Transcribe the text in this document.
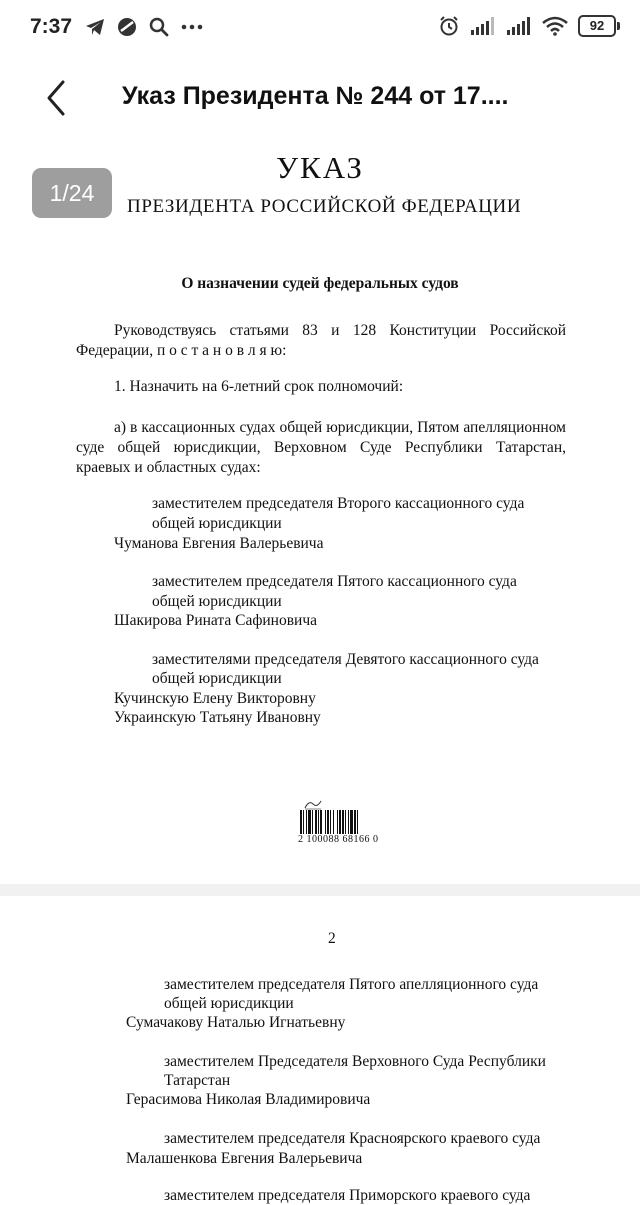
7:37	92
Указ Президента № 244 от 17....
1/24
УКАЗ
ПРЕЗИДЕНТА РОССИЙСКОЙ ФЕДЕРАЦИИ
О назначении судей федеральных судов
Руководствуясь статьями 83 и 128 Конституции Российской Федерации, п о с т а н о в л я ю:
1. Назначить на 6-летний срок полномочий:
а) в кассационных судах общей юрисдикции, Пятом апелляционном суде общей юрисдикции, Верховном Суде Республики Татарстан, краевых и областных судах:
заместителем председателя Второго кассационного суда
общей юрисдикции
Чуманова Евгения Валерьевича
заместителем председателя Пятого кассационного суда
общей юрисдикции
Шакирова Рината Сафиновича
заместителями председателя Девятого кассационного суда
общей юрисдикции
Кучинскую Елену Викторовну
Украинскую Татьяну Ивановну
2 100088 68166 0
2
заместителем председателя Пятого апелляционного суда
общей юрисдикции
Сумачакову Наталью Игнатьевну
заместителем Председателя Верховного Суда Республики
Татарстан
Герасимова Николая Владимировича
заместителем председателя Красноярского краевого суда
Малашенкова Евгения Валерьевича
заместителем председателя Приморского краевого суда
